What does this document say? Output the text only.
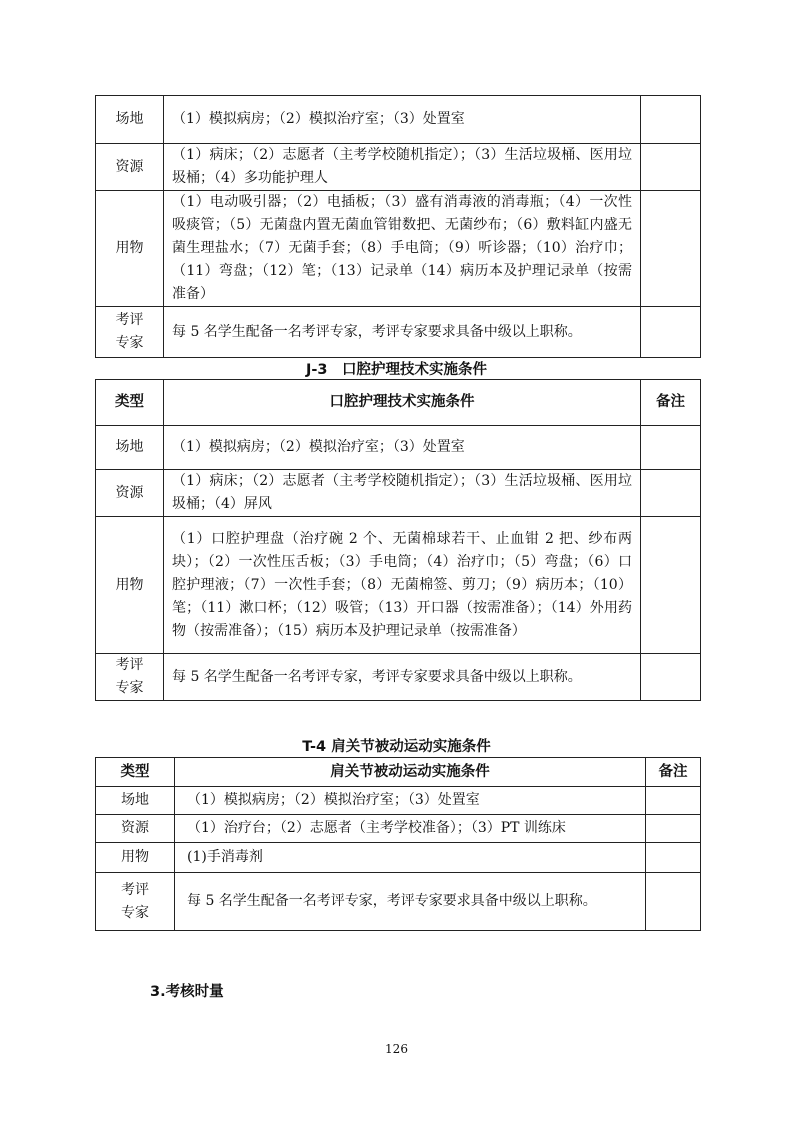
场地	（1）模拟病房；（2）模拟治疗室；（3）处置室	
资源	（1）病床；（2）志愿者（主考学校随机指定）；（3）生活垃圾桶、医用垃圾桶；（4）多功能护理人	
用物	（1）电动吸引器；（2）电插板；（3）盛有消毒液的消毒瓶；（4）一次性吸痰管；（5）无菌盘内置无菌血管钳数把、无菌纱布；（6）敷料缸内盛无菌生理盐水；（7）无菌手套；（8）手电筒；（9）听诊器；（10）治疗巾；（11）弯盘；（12）笔；（13）记录单（14）病历本及护理记录单（按需准备）	
考评专家	每 5 名学生配备一名考评专家，考评专家要求具备中级以上职称。	
J-3　口腔护理技术实施条件
类型	口腔护理技术实施条件	备注
场地	（1）模拟病房；（2）模拟治疗室；（3）处置室	
资源	（1）病床；（2）志愿者（主考学校随机指定）；（3）生活垃圾桶、医用垃圾桶；（4）屏风	
用物	（1）口腔护理盘（治疗碗 2 个、无菌棉球若干、止血钳 2 把、纱布两块）；（2）一次性压舌板；（3）手电筒；（4）治疗巾；（5）弯盘；（6）口腔护理液；（7）一次性手套；（8）无菌棉签、剪刀；（9）病历本；（10）笔；（11）漱口杯；（12）吸管；（13）开口器（按需准备）；（14）外用药物（按需准备）；（15）病历本及护理记录单（按需准备）	
考评专家	每 5 名学生配备一名考评专家，考评专家要求具备中级以上职称。	
T-4 肩关节被动运动实施条件
类型	肩关节被动运动实施条件	备注
场地	（1）模拟病房；（2）模拟治疗室；（3）处置室	
资源	（1）治疗台；（2）志愿者（主考学校准备）；（3）PT 训练床	
用物	(1)手消毒剂	
考评专家	每 5 名学生配备一名考评专家，考评专家要求具备中级以上职称。	
3.考核时量
126
